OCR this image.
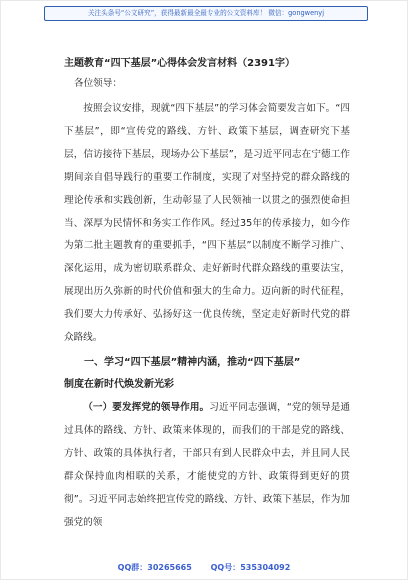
关注头条号“公文研究”，获得最新最全最专业的公文资料库！ 微信：gongwenyj
主题教育“四下基层”心得体会发言材料（2391字）
各位领导：

按照会议安排，现就“四下基层”的学习体会简要发言如下。“四下基层”，即“宣传党的路线、方针、政策下基层，调查研究下基层，信访接待下基层，现场办公下基层”，是习近平同志在宁德工作期间亲自倡导践行的重要工作制度，实现了对坚持党的群众路线的理论传承和实践创新，生动彰显了人民领袖一以贯之的强烈使命担当、深厚为民情怀和务实工作作风。经过35年的传承接力，如今作为第二批主题教育的重要抓手，“四下基层”以制度不断学习推广、深化运用，成为密切联系群众、走好新时代群众路线的重要法宝，展现出历久弥新的时代价值和强大的生命力。迈向新的时代征程，我们要大力传承好、弘扬好这一优良传统，坚定走好新时代党的群众路线。

一、学习“四下基层”精神内涵，推动“四下基层”
制度在新时代焕发新光彩

（一）要发挥党的领导作用。习近平同志强调，“党的领导是通过具体的路线、方针、政策来体现的，而我们的干部是党的路线、方针、政策的具体执行者，干部只有到人民群众中去，并且同人民群众保持血肉相联的关系，才能使党的方针、政策得到更好的贯彻”。习近平同志始终把宣传党的路线、方针、政策下基层，作为加强党的领

QQ群：30265665 QQ号：535304092
